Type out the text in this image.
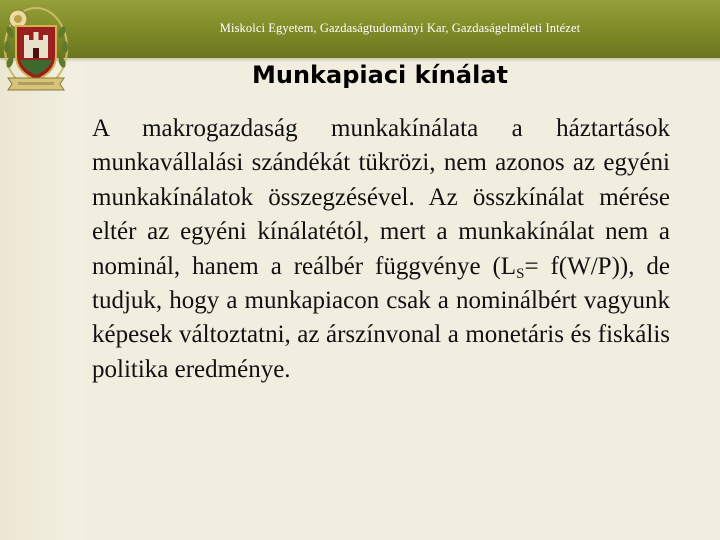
Miskolci Egyetem, Gazdaságtudományi Kar, Gazdaságelméleti Intézet
Munkapiaci kínálat
A makrogazdaság munkakínálata a háztartások munkavállalási szándékát tükrözi, nem azonos az egyéni munkakínálatok összegzésével. Az összkínálat mérése eltér az egyéni kínálatétól, mert a munkakínálat nem a nominál, hanem a reálbér függvénye $(L_S= f(W/P))$, de tudjuk, hogy a munkapiacon csak a nominálbért vagyunk képesek változtatni, az árszínvonal a monetáris és fiskális politika eredménye.
